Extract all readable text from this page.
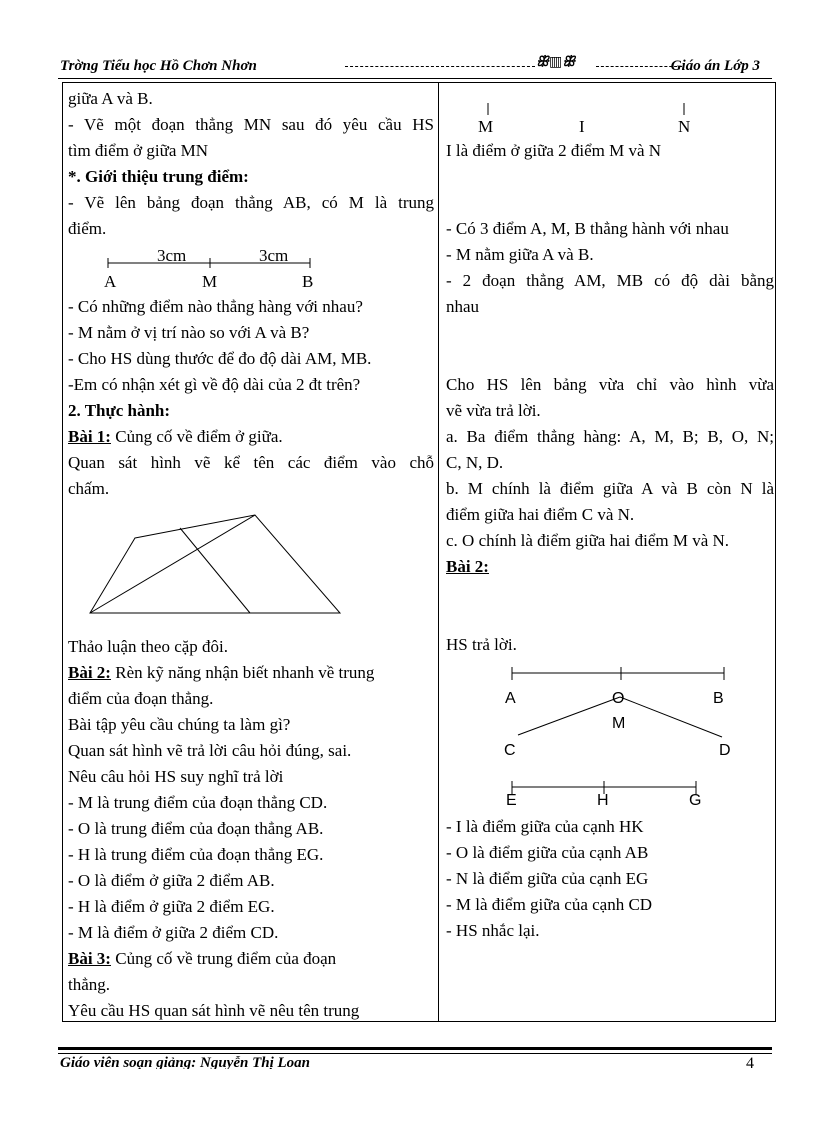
Trờng Tiểu học Hồ Chơn Nhơn	ꕥ▥ꕥ	Giáo án Lớp 3
giữa A và B.
- Vẽ một đoạn thẳng MN sau đó yêu cầu HS
tìm điểm ở giữa MN
*. Giới thiệu trung điểm:
- Vẽ lên bảng đoạn thẳng AB, có M là trung
điểm.
- Có những điểm nào thẳng hàng với nhau?
- M nằm ở vị trí nào so với A và B?
- Cho HS dùng thước để đo độ dài AM, MB.
-Em có nhận xét gì về độ dài của 2 đt trên?
2. Thực hành:
Bài 1: Củng cố về điểm ở giữa.
Quan sát hình vẽ kể tên các điểm vào chỗ
chấm.
Thảo luận theo cặp đôi.
Bài 2: Rèn kỹ năng nhận biết nhanh về trung
điểm của đoạn thẳng.
Bài tập yêu cầu chúng ta làm gì?
Quan sát hình vẽ trả lời câu hỏi đúng, sai.
Nêu câu hỏi HS suy nghĩ trả lời
- M là trung điểm của đoạn thẳng CD.
- O là trung điểm của đoạn thẳng AB.
- H là trung điểm của đoạn thẳng EG.
- O là điểm ở giữa 2 điểm AB.
- H là điểm ở giữa 2 điểm EG.
- M là điểm ở giữa 2 điểm CD.
Bài 3: Củng cố về trung điểm của đoạn
thẳng.
Yêu cầu HS quan sát hình vẽ nêu tên trung
3cm	3cm
A	M	B
M	I	N
A	O	B
M
C	D
E	H	G
I là điểm ở giữa 2 điểm M và N
- Có 3 điểm A, M, B thẳng hành với nhau
- M nằm giữa A và B.
- 2 đoạn thẳng AM, MB có độ dài bằng
nhau
Cho HS lên bảng vừa chỉ vào hình vừa
vẽ vừa trả lời.
a. Ba điểm thẳng hàng: A, M, B; B, O, N;
C, N, D.
b. M chính là điểm giữa A và B còn N là
điểm giữa hai điểm C và N.
c. O chính là điểm giữa hai điểm M và N.
Bài 2:
HS trả lời.
- I là điểm giữa của cạnh HK
- O là điểm giữa của cạnh AB
- N là điểm giữa của cạnh EG
- M là điểm giữa của cạnh CD
- HS nhắc lại.
Giáo viên soạn giảng: Nguyễn Thị Loan	4
